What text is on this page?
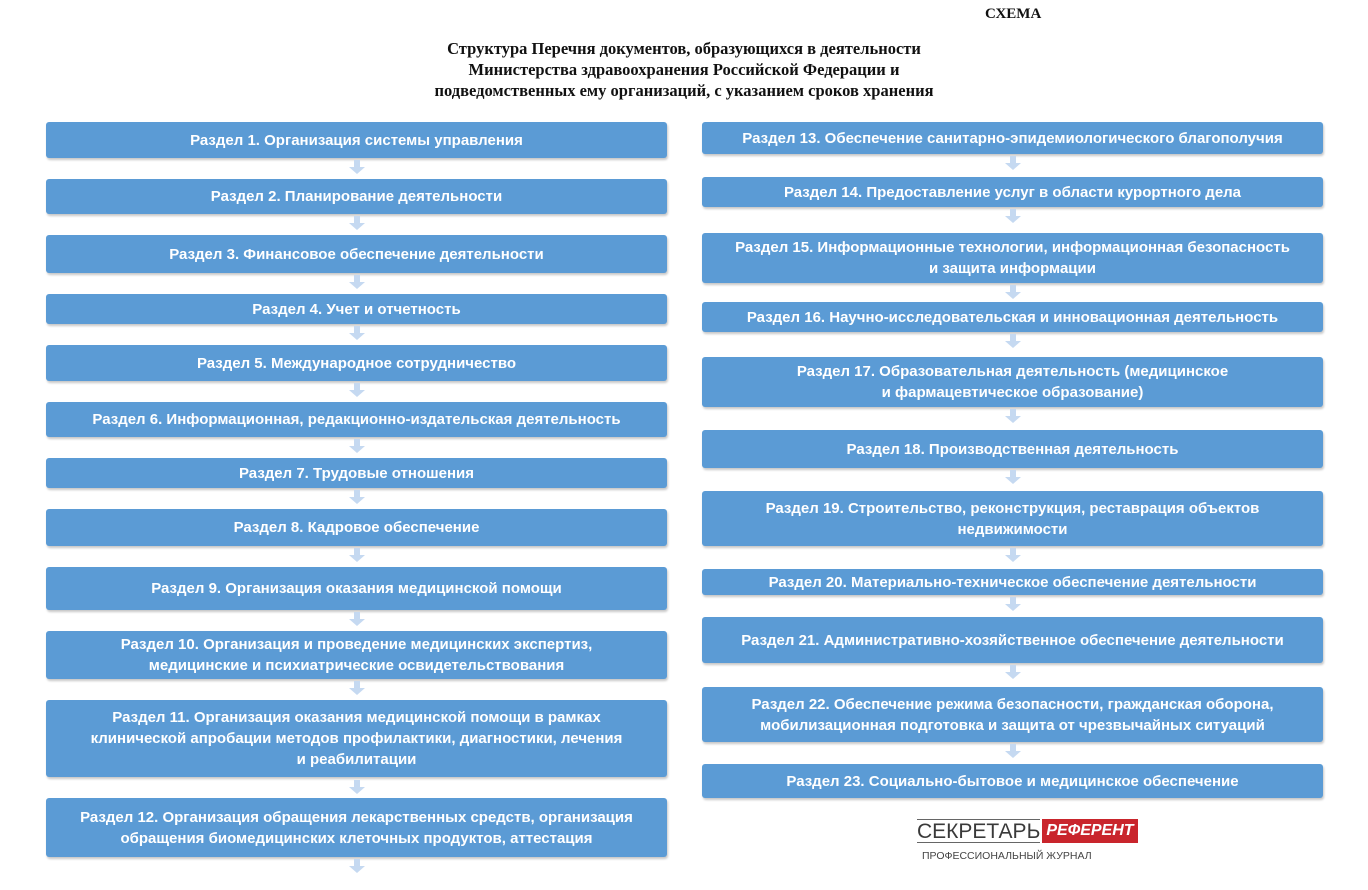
СХЕМА
Структура Перечня документов, образующихся в деятельности
Министерства здравоохранения Российской Федерации и
подведомственных ему организаций, с указанием сроков хранения
Раздел 1. Организация системы управления
Раздел 2. Планирование деятельности
Раздел 3. Финансовое обеспечение деятельности
Раздел 4. Учет и отчетность
Раздел 5. Международное сотрудничество
Раздел 6. Информационная, редакционно-издательская деятельность
Раздел 7. Трудовые отношения
Раздел 8. Кадровое обеспечение
Раздел 9. Организация оказания медицинской помощи
Раздел 10. Организация и проведение медицинских экспертиз,
медицинские и психиатрические освидетельствования
Раздел 11. Организация оказания медицинской помощи в рамках
клинической апробации методов профилактики, диагностики, лечения
и реабилитации
Раздел 12. Организация обращения лекарственных средств, организация
обращения биомедицинских клеточных продуктов, аттестация
Раздел 13. Обеспечение санитарно-эпидемиологического благополучия
Раздел 14. Предоставление услуг в области курортного дела
Раздел 15. Информационные технологии, информационная безопасность
и защита информации
Раздел 16. Научно-исследовательская и инновационная деятельность
Раздел 17. Образовательная деятельность (медицинское
и фармацевтическое образование)
Раздел 18. Производственная деятельность
Раздел 19. Строительство, реконструкция, реставрация объектов
недвижимости
Раздел 20. Материально-техническое обеспечение деятельности
Раздел 21. Административно-хозяйственное обеспечение деятельности
Раздел 22. Обеспечение режима безопасности, гражданская оборона,
мобилизационная подготовка и защита от чрезвычайных ситуаций
Раздел 23. Социально-бытовое и медицинское обеспечение
СЕКРЕТАРЬ РЕФЕРЕНТ
ПРОФЕССИОНАЛЬНЫЙ ЖУРНАЛ
